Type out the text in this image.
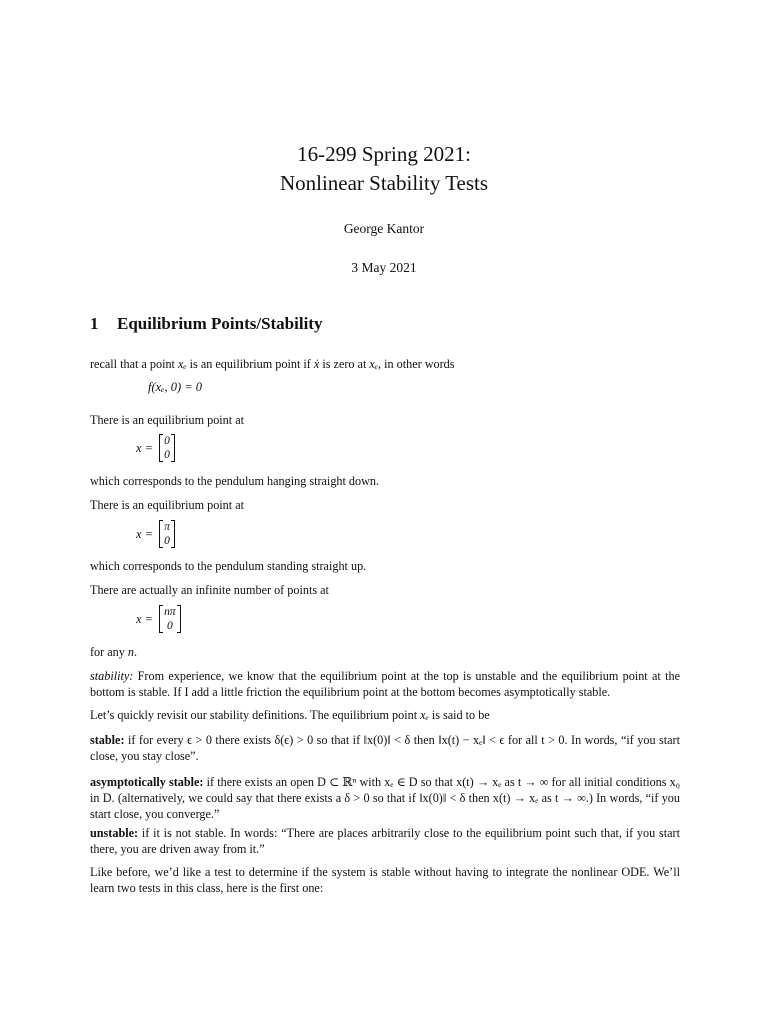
16-299 Spring 2021:
Nonlinear Stability Tests
George Kantor
3 May 2021
1 Equilibrium Points/Stability
recall that a point xₑ is an equilibrium point if ẋ is zero at xₑ, in other words
f(xₑ, 0) = 0
There is an equilibrium point at
x = 0
0
which corresponds to the pendulum hanging straight down.
There is an equilibrium point at
x = π
0
which corresponds to the pendulum standing straight up.
There are actually an infinite number of points at
x = nπ
0
for any n.
stability: From experience, we know that the equilibrium point at the top is unstable and the equilibrium point at the bottom is stable. If I add a little friction the equilibrium point at the bottom becomes asymptotically stable.
Let’s quickly revisit our stability definitions. The equilibrium point xₑ is said to be
stable: if for every ϵ > 0 there exists δ(ϵ) > 0 so that if ‖x(0)‖ < δ then ‖x(t) − xₑ‖ < ϵ for all t > 0. In words, “if you start close, you stay close”.
asymptotically stable: if there exists an open D ⊂ ℝⁿ with xₑ ∈ D so that x(t) → xₑ as t → ∞ for all initial conditions x₀ in D. (alternatively, we could say that there exists a δ > 0 so that if ‖x(0)‖ < δ then x(t) → xₑ as t → ∞.) In words, “if you start close, you converge.”
unstable: if it is not stable. In words: “There are places arbitrarily close to the equilibrium point such that, if you start there, you are driven away from it.”
Like before, we’d like a test to determine if the system is stable without having to integrate the nonlinear ODE. We’ll learn two tests in this class, here is the first one:
